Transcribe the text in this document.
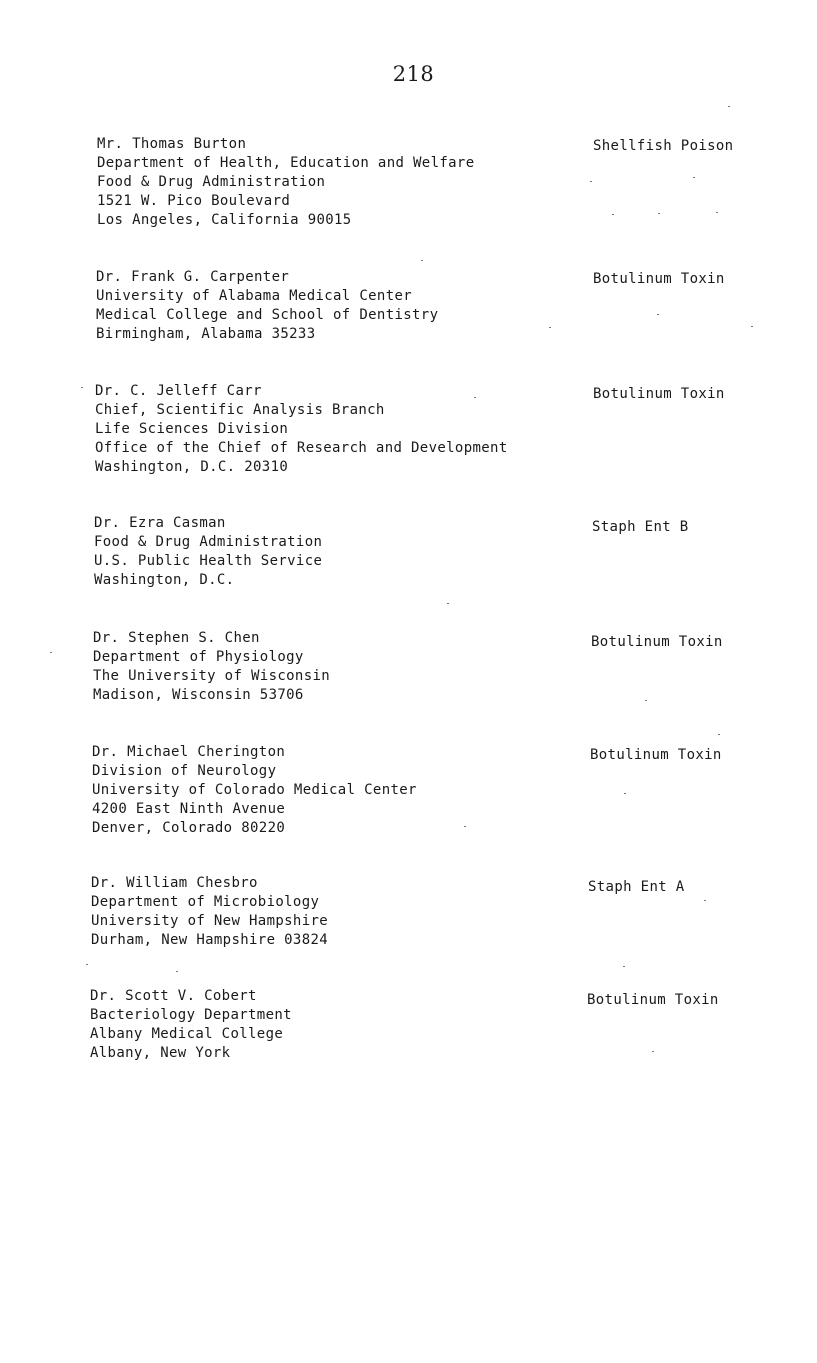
218
Mr. Thomas Burton
Department of Health, Education and Welfare
Food & Drug Administration
1521 W. Pico Boulevard
Los Angeles, California 90015
Shellfish Poison
Dr. Frank G. Carpenter
University of Alabama Medical Center
Medical College and School of Dentistry
Birmingham, Alabama 35233
Botulinum Toxin
Dr. C. Jelleff Carr
Chief, Scientific Analysis Branch
Life Sciences Division
Office of the Chief of Research and Development
Washington, D.C. 20310
Botulinum Toxin
Dr. Ezra Casman
Food & Drug Administration
U.S. Public Health Service
Washington, D.C.
Staph Ent B
Dr. Stephen S. Chen
Department of Physiology
The University of Wisconsin
Madison, Wisconsin 53706
Botulinum Toxin
Dr. Michael Cherington
Division of Neurology
University of Colorado Medical Center
4200 East Ninth Avenue
Denver, Colorado 80220
Botulinum Toxin
Dr. William Chesbro
Department of Microbiology
University of New Hampshire
Durham, New Hampshire 03824
Staph Ent A
Dr. Scott V. Cobert
Bacteriology Department
Albany Medical College
Albany, New York
Botulinum Toxin
